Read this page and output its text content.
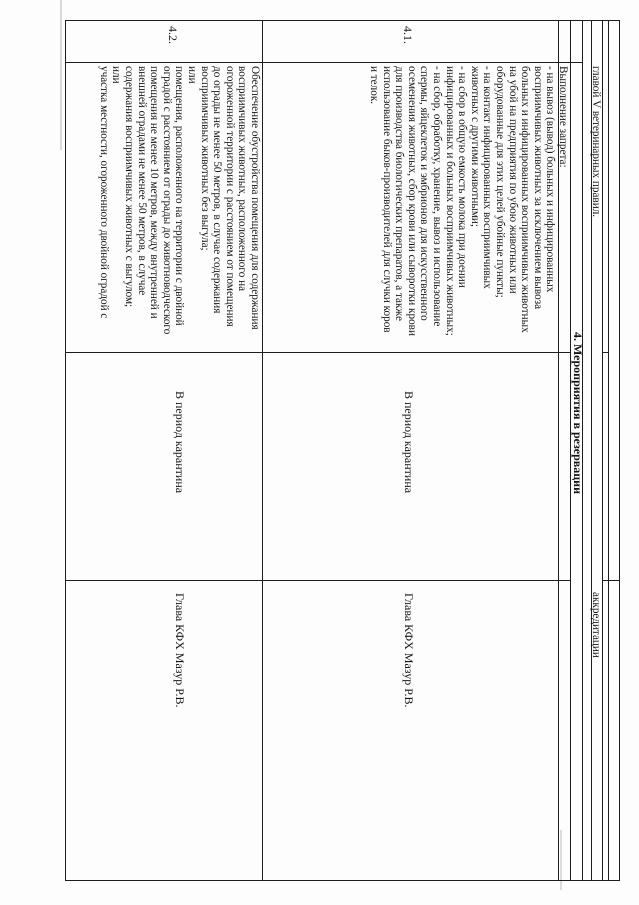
главой V ветеринарных правил.
аккредитации
4. Мероприятия в резервации
4.1.
Выполнение запрета:
- на вывоз (вывод) больных и инфицированных
восприимчивых животных за исключением вывоза
больных и инфицированных восприимчивых животных
на убой на предприятия по убою животных или
оборудованные для этих целей убойные пункты;
- на контакт инфицированных восприимчивых
животных с другими животными;
- на сбор в общую емкость молока при доении
инфицированных и больных восприимчивых животных;
- на сбор, обработку, хранение, вывоз и использование
спермы, яйцеклеток и эмбрионов для искусственного
осеменения животных, сбор крови или сыворотки крови
для производства биологических препаратов, а также
использование быков-производителей для случки коров
и телок.
В период карантина
Глава КФХ Мазур Р.В.
4.2.
Обеспечение обустройства помещения для содержания
восприимчивых животных, расположенного на
огороженной территории с расстоянием от помещения
до ограды не менее 50 метров, в случае содержания
восприимчивых животных без выгула;
или
помещения, расположенного на территории с двойной
оградой с расстоянием от ограды до животноводческого
помещения не менее 10 метров, между внутренней и
внешней оградами не менее 50 метров, в случае
содержания восприимчивых животных с выгулом;
или
участка местности, огороженного двойной оградой с
В период карантина
Глава КФХ Мазур Р.В.
